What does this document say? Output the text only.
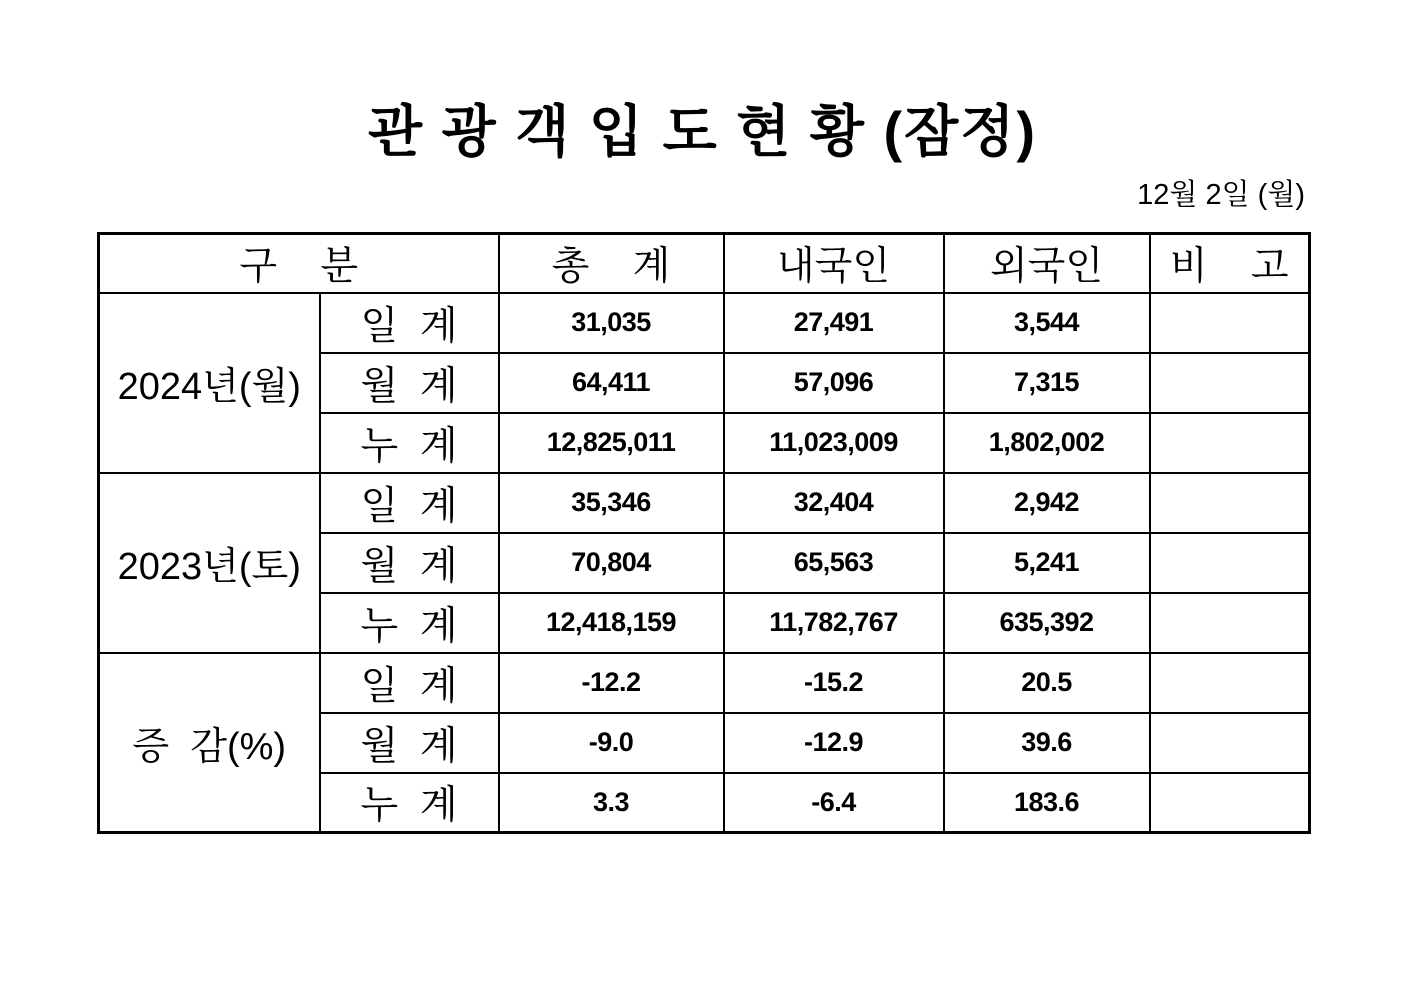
관 광 객 입 도 현 황 (잠정)
12월 2일 (월)
구    분		총    계	내국인	외국인	비    고
2024년(월)	일  계	31,035	27,491	3,544	
	월  계	64,411	57,096	7,315	
	누  계	12,825,011	11,023,009	1,802,002	
2023년(토)	일  계	35,346	32,404	2,942	
	월  계	70,804	65,563	5,241	
	누  계	12,418,159	11,782,767	635,392	
증  감(%)	일  계	-12.2	-15.2	20.5	
	월  계	-9.0	-12.9	39.6	
	누  계	3.3	-6.4	183.6	
